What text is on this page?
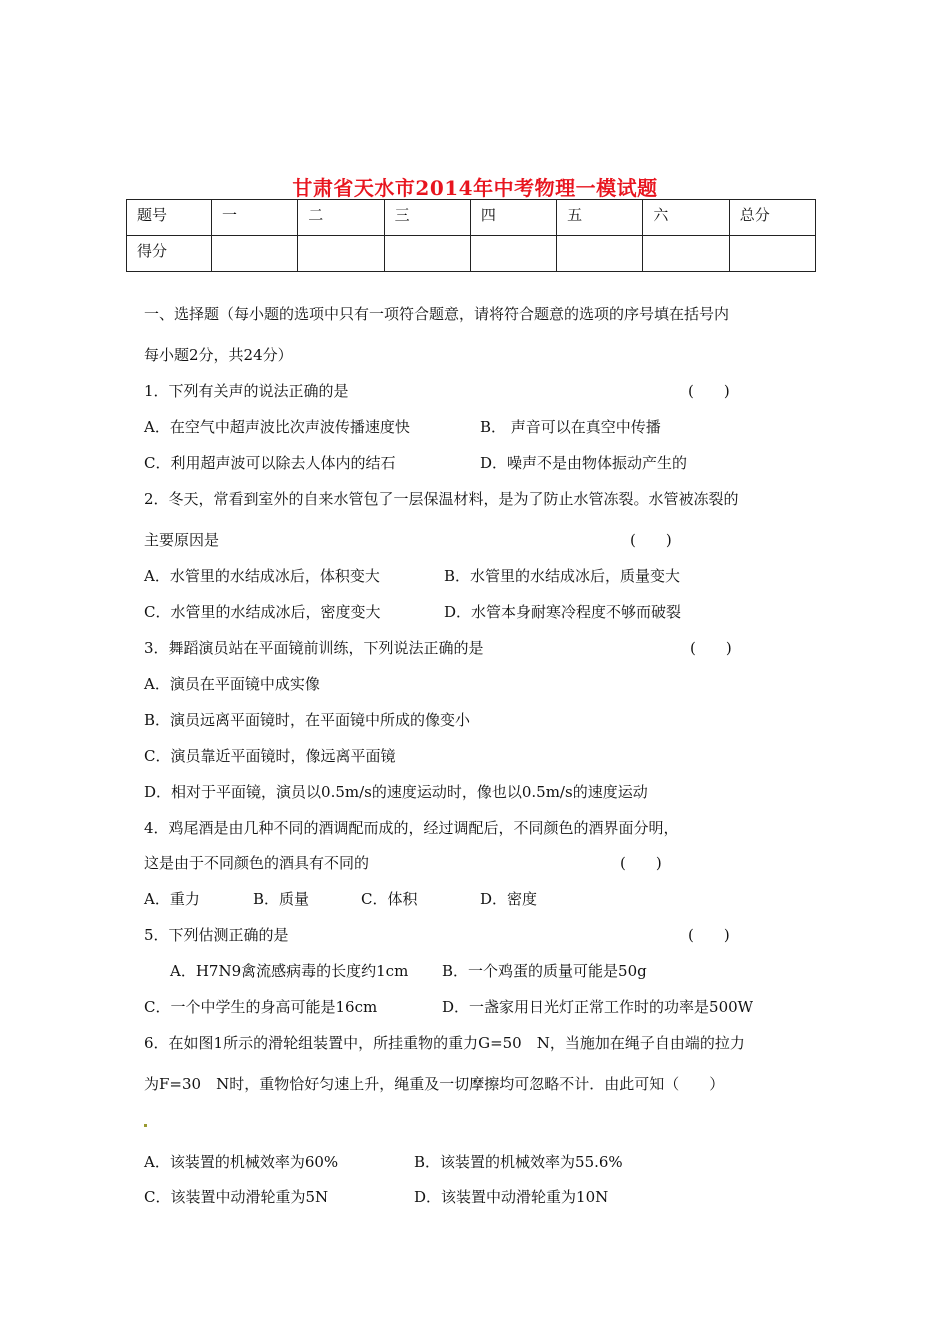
甘肃省天水市2014年中考物理一模试题
题号	一	二	三	四	五	六	总分
得分							
一、选择题（每小题的选项中只有一项符合题意，请将符合题意的选项的序号填在括号内
每小题2分，共24分）
1．下列有关声的说法正确的是	(　　)
A．在空气中超声波比次声波传播速度快	B． 声音可以在真空中传播
C．利用超声波可以除去人体内的结石	D．噪声不是由物体振动产生的
2．冬天，常看到室外的自来水管包了一层保温材料，是为了防止水管冻裂。水管被冻裂的
主要原因是	(　　)
A．水管里的水结成冰后，体积变大	B．水管里的水结成冰后，质量变大
C．水管里的水结成冰后，密度变大	D．水管本身耐寒冷程度不够而破裂
3．舞蹈演员站在平面镜前训练，下列说法正确的是	(　　)
A．演员在平面镜中成实像
B．演员远离平面镜时，在平面镜中所成的像变小
C．演员靠近平面镜时，像远离平面镜
D．相对于平面镜，演员以0.5m/s的速度运动时，像也以0.5m/s的速度运动
4．鸡尾酒是由几种不同的酒调配而成的，经过调配后，不同颜色的酒界面分明，
这是由于不同颜色的酒具有不同的	(　　)
A．重力	B．质量	C．体积	D．密度
5．下列估测正确的是	(　　)
A．H7N9禽流感病毒的长度约1cm B．一个鸡蛋的质量可能是50g
C．一个中学生的身高可能是16cm	D．一盏家用日光灯正常工作时的功率是500W
6．在如图1所示的滑轮组装置中，所挂重物的重力G=50　N，当施加在绳子自由端的拉力
为F=30　N时，重物恰好匀速上升，绳重及一切摩擦均可忽略不计．由此可知（　　）
A．该装置的机械效率为60%	B．该装置的机械效率为55.6%
C．该装置中动滑轮重为5N	D．该装置中动滑轮重为10N
